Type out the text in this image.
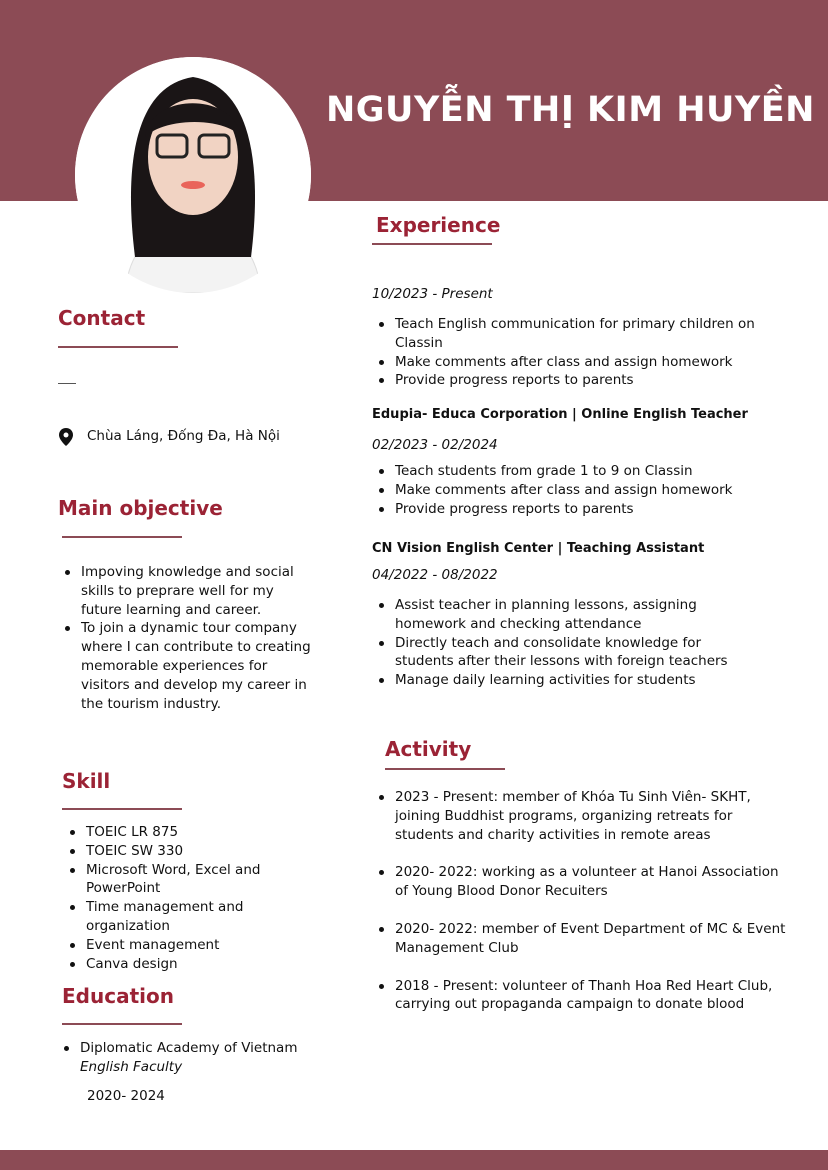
NGUYỄN THỊ KIM HUYỀN
Contact
Chùa Láng, Đống Đa, Hà Nội
Main objective
Impoving knowledge and social skills to preprare well for my future learning and career.
To join a dynamic tour company where I can contribute to creating memorable experiences for visitors and develop my career in the tourism industry.
Skill
TOEIC LR 875
TOEIC SW 330
Microsoft Word, Excel and PowerPoint
Time management and organization
Event management
Canva design
Education
Diplomatic Academy of Vietnam
English Faculty
2020- 2024
Experience
10/2023 - Present
Teach English communication for primary children on Classin
Make comments after class and assign homework
Provide progress reports to parents
Edupia- Educa Corporation | Online English Teacher
02/2023 - 02/2024
Teach students from grade 1 to 9 on Classin
Make comments after class and assign homework
Provide progress reports to parents
CN Vision English Center | Teaching Assistant
04/2022 - 08/2022
Assist teacher in planning lessons, assigning homework and checking attendance
Directly teach and consolidate knowledge for students after their lessons with foreign teachers
Manage daily learning activities for students
Activity
2023 - Present: member of Khóa Tu Sinh Viên- SKHT, joining Buddhist programs, organizing retreats for students and charity activities in remote areas
2020- 2022: working as a volunteer at Hanoi Association of Young Blood Donor Recuiters
2020- 2022: member of Event Department of MC & Event Management Club
2018 - Present: volunteer of Thanh Hoa Red Heart Club, carrying out propaganda campaign to donate blood
